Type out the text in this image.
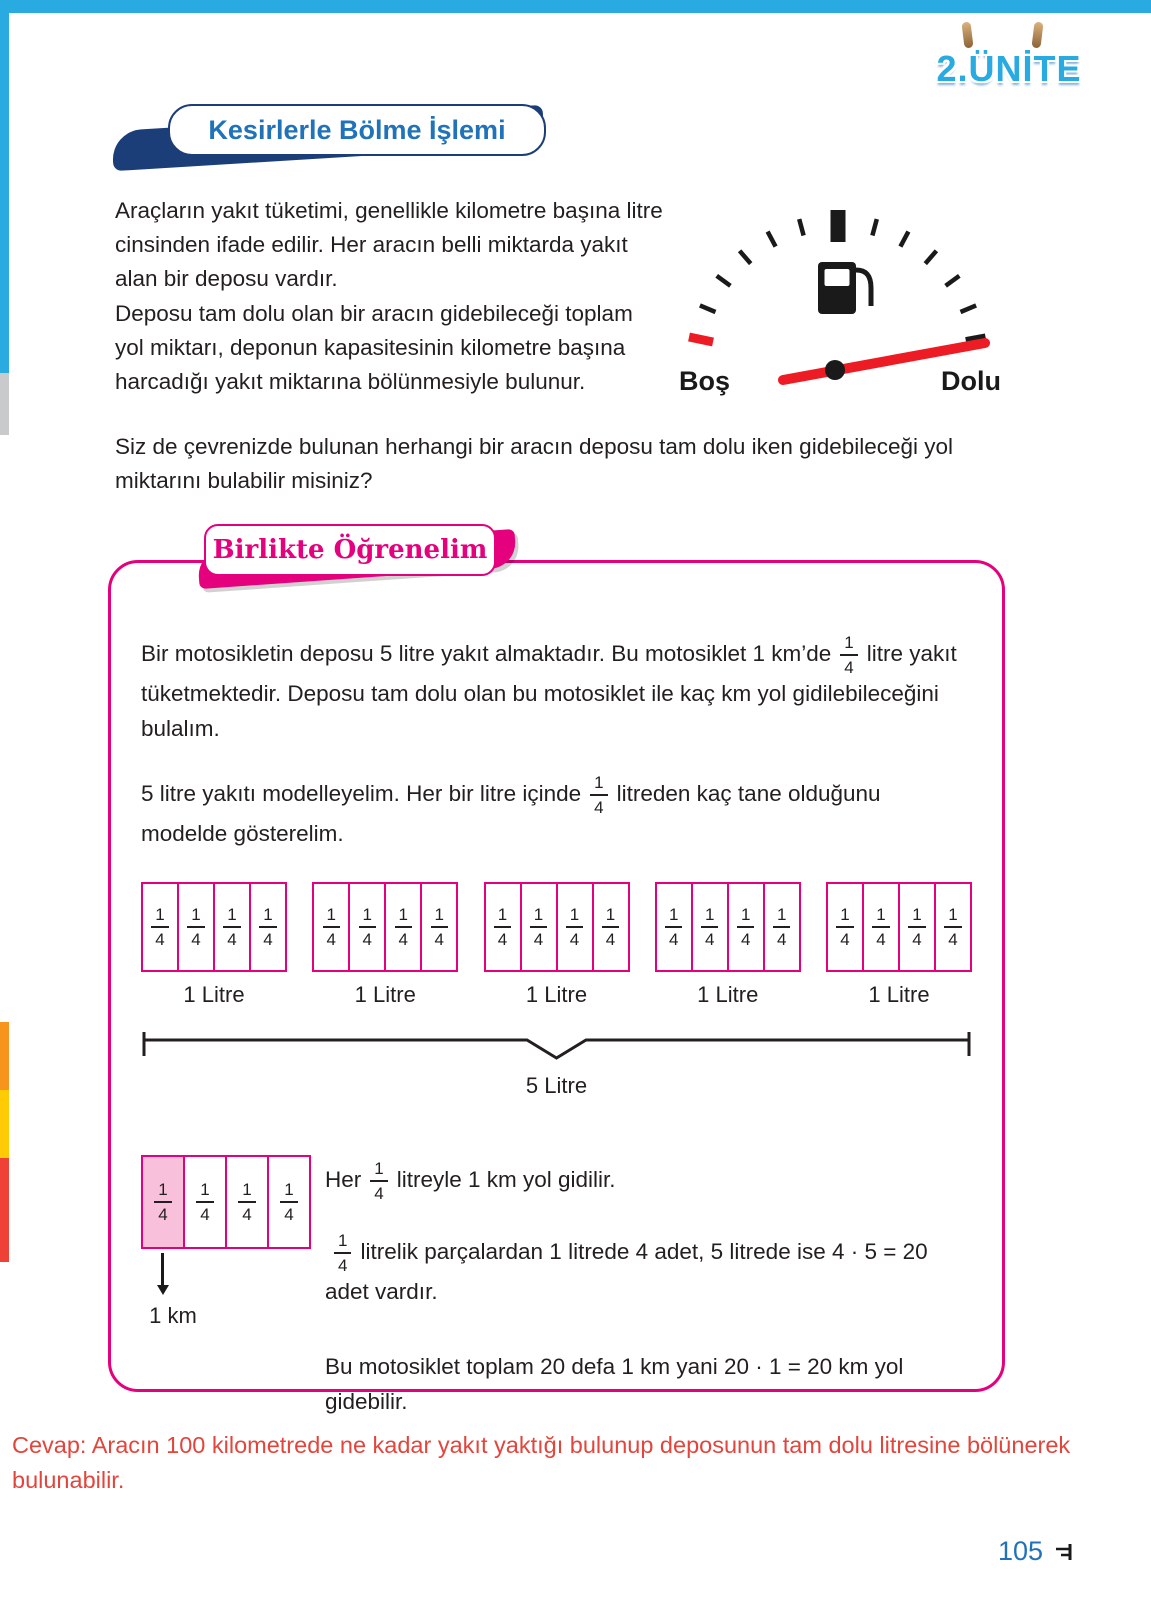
2.ÜNİTE
Kesirlerle Bölme İşlemi

Araçların yakıt tüketimi, genellikle kilometre başına litre cinsinden ifade edilir. Her aracın belli miktarda yakıt alan bir deposu vardır.

Deposu tam dolu olan bir aracın gidebileceği toplam yol miktarı, deponun kapasitesinin kilometre başına harcadığı yakıt miktarına bölünmesiyle bulunur.	Boş	Dolu
Siz de çevrenizde bulunan herhangi bir aracın deposu tam dolu iken gidebileceği yol miktarını bulabilir misiniz?
Birlikte Öğrenelim

Bir motosikletin deposu 5 litre yakıt almaktadır. Bu motosiklet 1 km’de $\frac{1}{4}$ litre yakıt tüketmektedir. Deposu tam dolu olan bu motosiklet ile kaç km yol gidilebileceğini bulalım.

5 litre yakıtı modelleyelim. Her bir litre içinde $\frac{1}{4}$ litreden kaç tane olduğunu modelde gösterelim.

$\frac{1}{4} \frac{1}{4} \frac{1}{4} \frac{1}{4}$
1 Litre
$\frac{1}{4} \frac{1}{4} \frac{1}{4} \frac{1}{4}$
1 Litre
$\frac{1}{4} \frac{1}{4} \frac{1}{4} \frac{1}{4}$
1 Litre
$\frac{1}{4} \frac{1}{4} \frac{1}{4} \frac{1}{4}$
1 Litre
$\frac{1}{4} \frac{1}{4} \frac{1}{4} \frac{1}{4}$
1 Litre
5 Litre
$\frac{1}{4} \frac{1}{4} \frac{1}{4} \frac{1}{4}$
1 km

Her $\frac{1}{4}$ litreyle 1 km yol gidilir.

$\frac{1}{4}$ litrelik parçalardan 1 litrede 4 adet, 5 litrede ise 4 · 5 = 20 adet vardır.

Bu motosiklet toplam 20 defa 1 km yani 20 · 1 = 20 km yol gidebilir.

Cevap: Aracın 100 kilometrede ne kadar yakıt yaktığı bulunup deposunun tam dolu litresine bölünerek bulunabilir.
105
